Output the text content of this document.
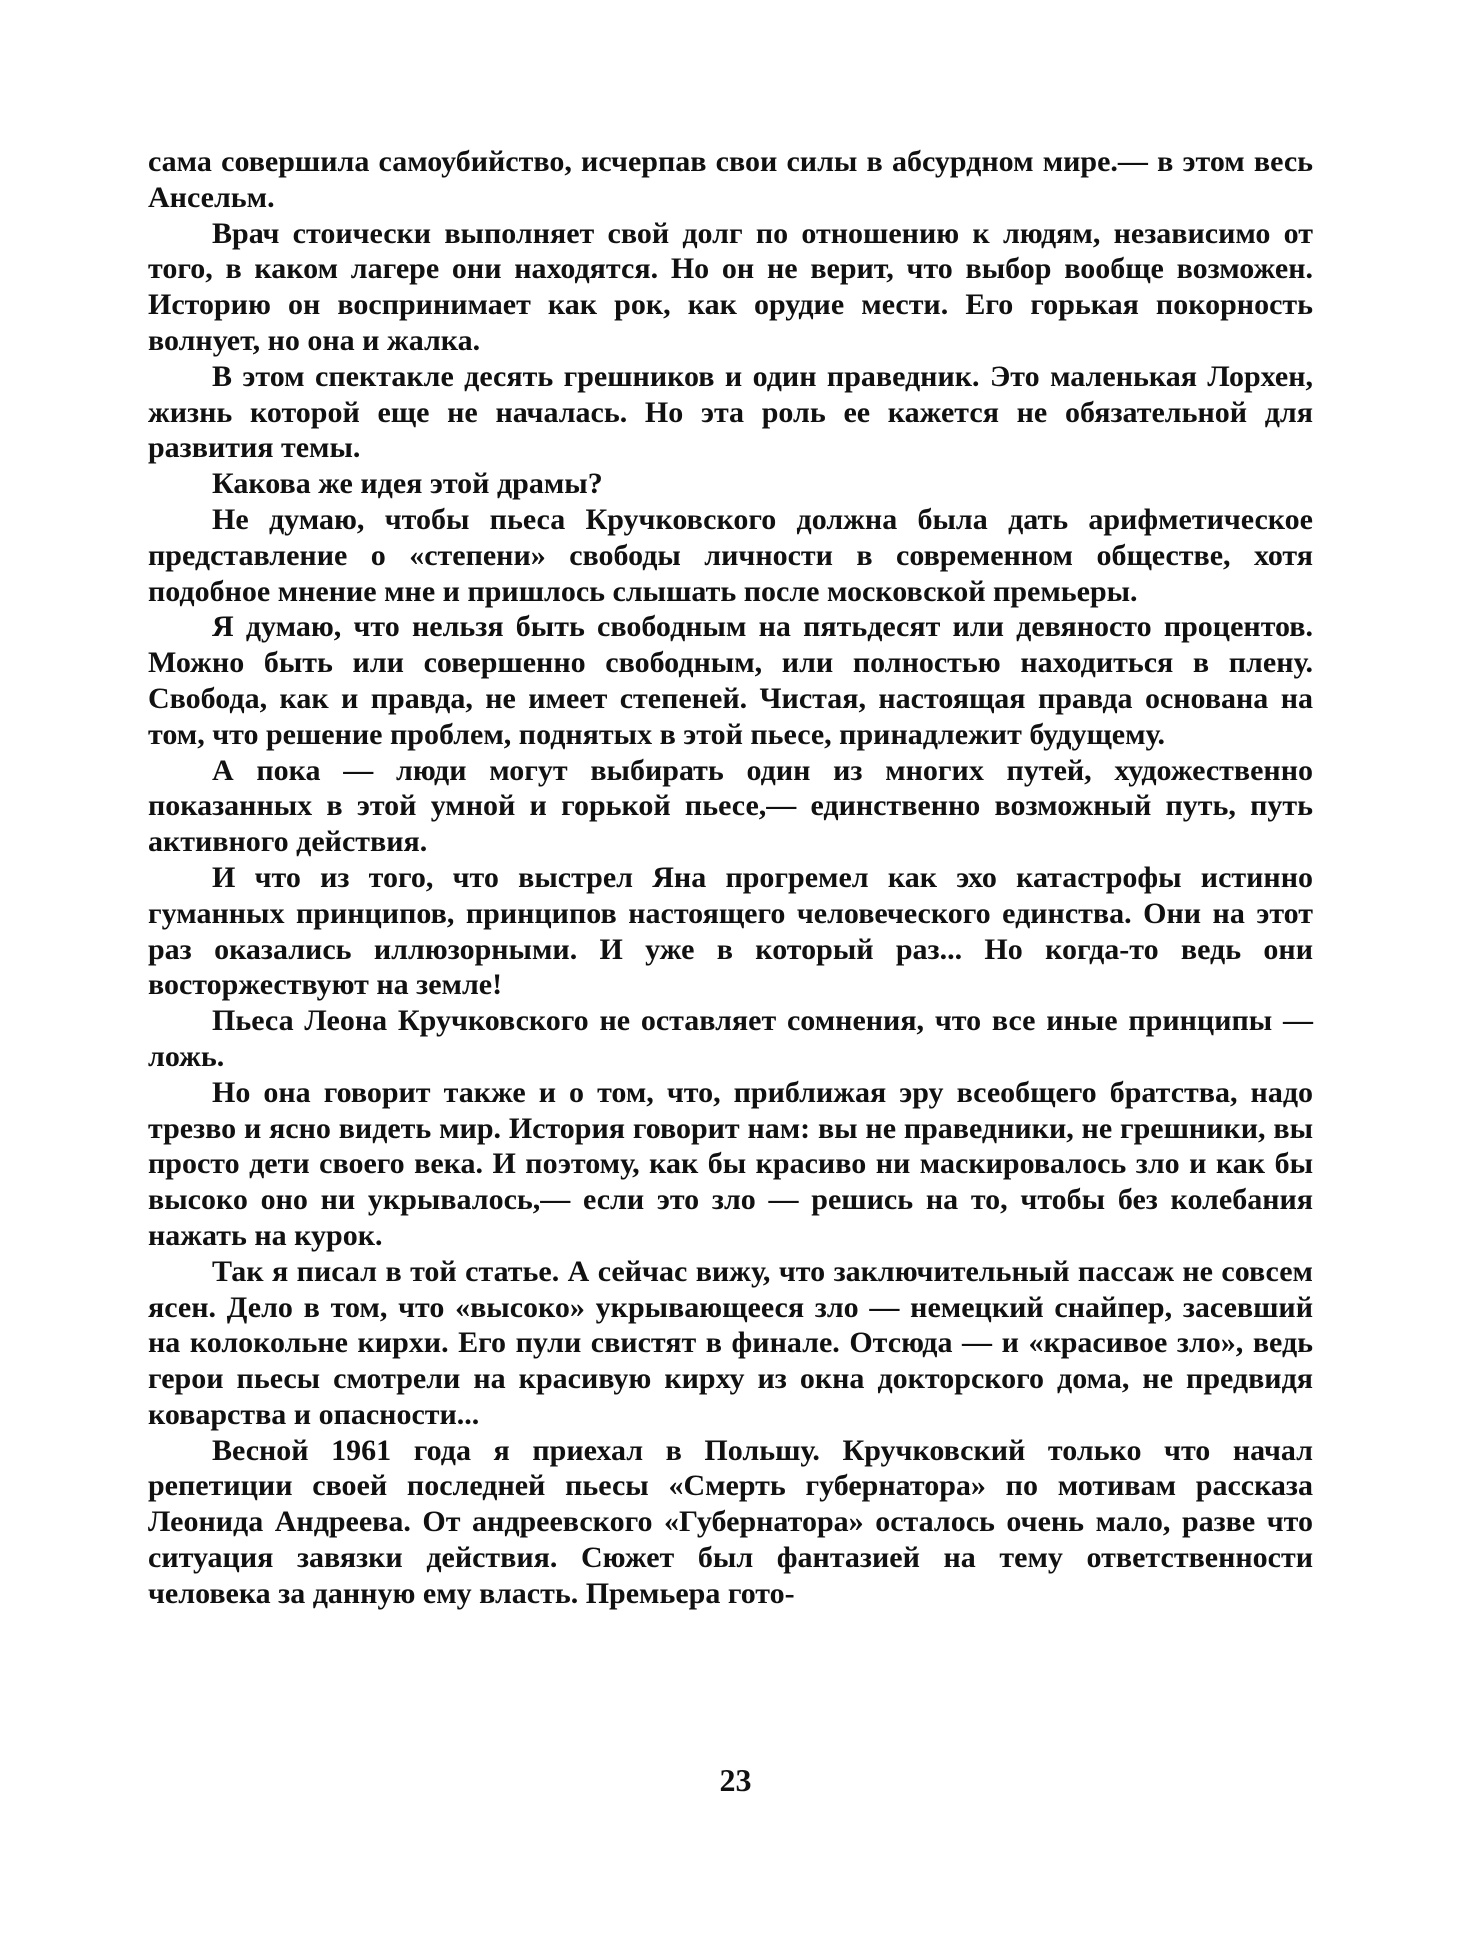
сама совершила самоубийство, исчерпав свои силы в абсурдном мире.— в этом весь Ансельм.

Врач стоически выполняет свой долг по отношению к людям, независимо от того, в каком лагере они находятся. Но он не верит, что выбор вообще возможен. Историю он воспринимает как рок, как орудие мести. Его горькая покорность волнует, но она и жалка.

В этом спектакле десять грешников и один праведник. Это маленькая Лорхен, жизнь которой еще не началась. Но эта роль ее кажется не обязательной для развития темы.

Какова же идея этой драмы?

Не думаю, чтобы пьеса Кручковского должна была дать арифметическое представление о «степени» свободы личности в современном обществе, хотя подобное мнение мне и пришлось слышать после московской премьеры.

Я думаю, что нельзя быть свободным на пятьдесят или девяносто процентов. Можно быть или совершенно свободным, или полностью находиться в плену. Свобода, как и правда, не имеет степеней. Чистая, настоящая правда основана на том, что решение проблем, поднятых в этой пьесе, принадлежит будущему.

А пока — люди могут выбирать один из многих путей, художественно показанных в этой умной и горькой пьесе,— единственно возможный путь, путь активного действия.

И что из того, что выстрел Яна прогремел как эхо катастрофы истинно гуманных принципов, принципов настоящего человеческого единства. Они на этот раз оказались иллюзорными. И уже в который раз... Но когда-то ведь они восторжествуют на земле!

Пьеса Леона Кручковского не оставляет сомнения, что все иные принципы — ложь.

Но она говорит также и о том, что, приближая эру всеобщего братства, надо трезво и ясно видеть мир. История говорит нам: вы не праведники, не грешники, вы просто дети своего века. И поэтому, как бы красиво ни маскировалось зло и как бы высоко оно ни укрывалось,— если это зло — решись на то, чтобы без колебания нажать на курок.

Так я писал в той статье. А сейчас вижу, что заключительный пассаж не совсем ясен. Дело в том, что «высоко» укрывающееся зло — немецкий снайпер, засевший на колокольне кирхи. Его пули свистят в финале. Отсюда — и «красивое зло», ведь герои пьесы смотрели на красивую кирху из окна докторского дома, не предвидя коварства и опасности...

Весной 1961 года я приехал в Польшу. Кручковский только что начал репетиции своей последней пьесы «Смерть губернатора» по мотивам рассказа Леонида Андреева. От андреевского «Губернатора» осталось очень мало, разве что ситуация завязки действия. Сюжет был фантазией на тему ответственности человека за данную ему власть. Премьера гото-

23
